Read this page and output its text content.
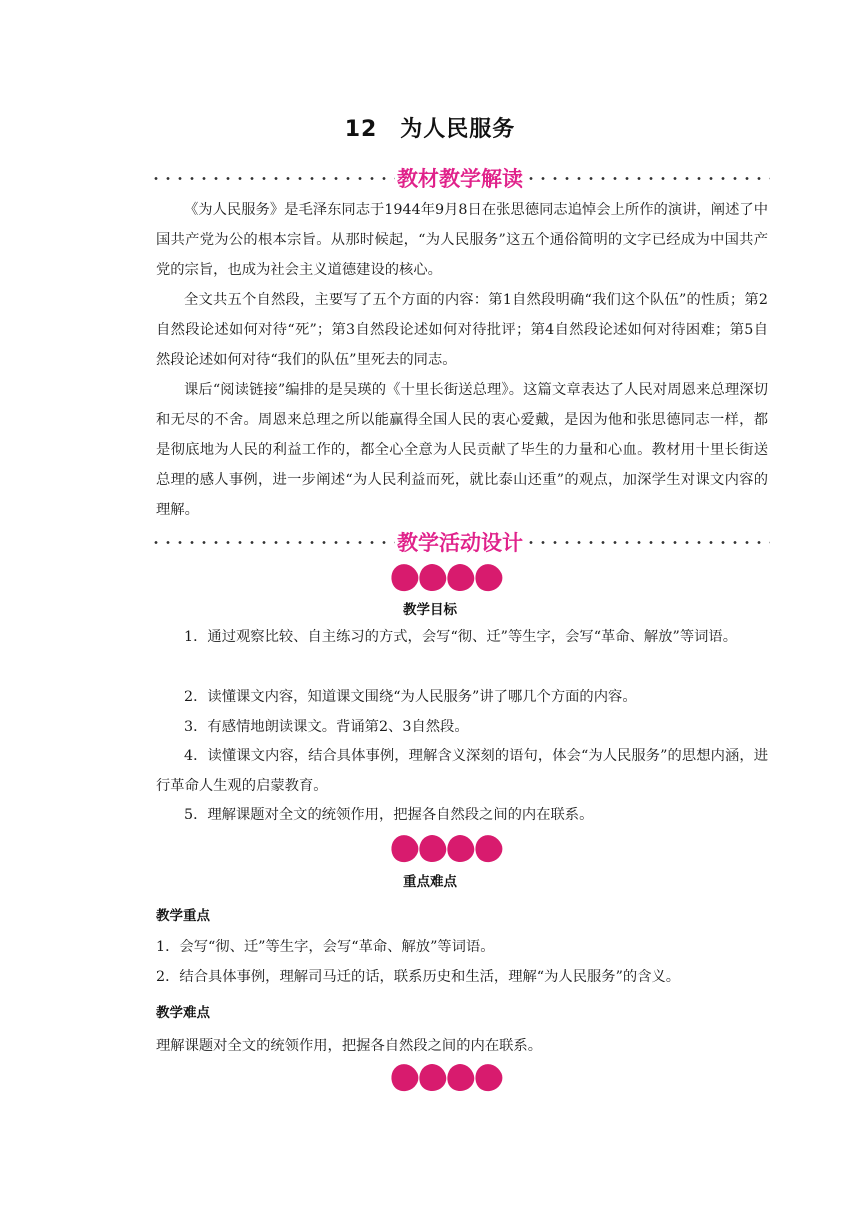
12　为人民服务
教材教学解读

《为人民服务》是毛泽东同志于1944年9月8日在张思德同志追悼会上所作的演讲，阐述了中国共产党为公的根本宗旨。从那时候起，“为人民服务”这五个通俗简明的文字已经成为中国共产党的宗旨，也成为社会主义道德建设的核心。

全文共五个自然段，主要写了五个方面的内容：第1自然段明确“我们这个队伍”的性质；第2自然段论述如何对待“死”；第3自然段论述如何对待批评；第4自然段论述如何对待困难；第5自然段论述如何对待“我们的队伍”里死去的同志。

课后“阅读链接”编排的是吴瑛的《十里长街送总理》。这篇文章表达了人民对周恩来总理深切和无尽的不舍。周恩来总理之所以能赢得全国人民的衷心爱戴，是因为他和张思德同志一样，都是彻底地为人民的利益工作的，都全心全意为人民贡献了毕生的力量和心血。教材用十里长街送总理的感人事例，进一步阐述“为人民利益而死，就比泰山还重”的观点，加深学生对课文内容的理解。

教学活动设计
教学目标

1．通过观察比较、自主练习的方式，会写“彻、迁”等生字，会写“革命、解放”等词语。

2．读懂课文内容，知道课文围绕“为人民服务”讲了哪几个方面的内容。

3．有感情地朗读课文。背诵第2、3自然段。

4．读懂课文内容，结合具体事例，理解含义深刻的语句，体会“为人民服务”的思想内涵，进行革命人生观的启蒙教育。

5．理解课题对全文的统领作用，把握各自然段之间的内在联系。

重点难点
教学重点

1．会写“彻、迁”等生字，会写“革命、解放”等词语。

2．结合具体事例，理解司马迁的话，联系历史和生活，理解“为人民服务”的含义。

教学难点

理解课题对全文的统领作用，把握各自然段之间的内在联系。
